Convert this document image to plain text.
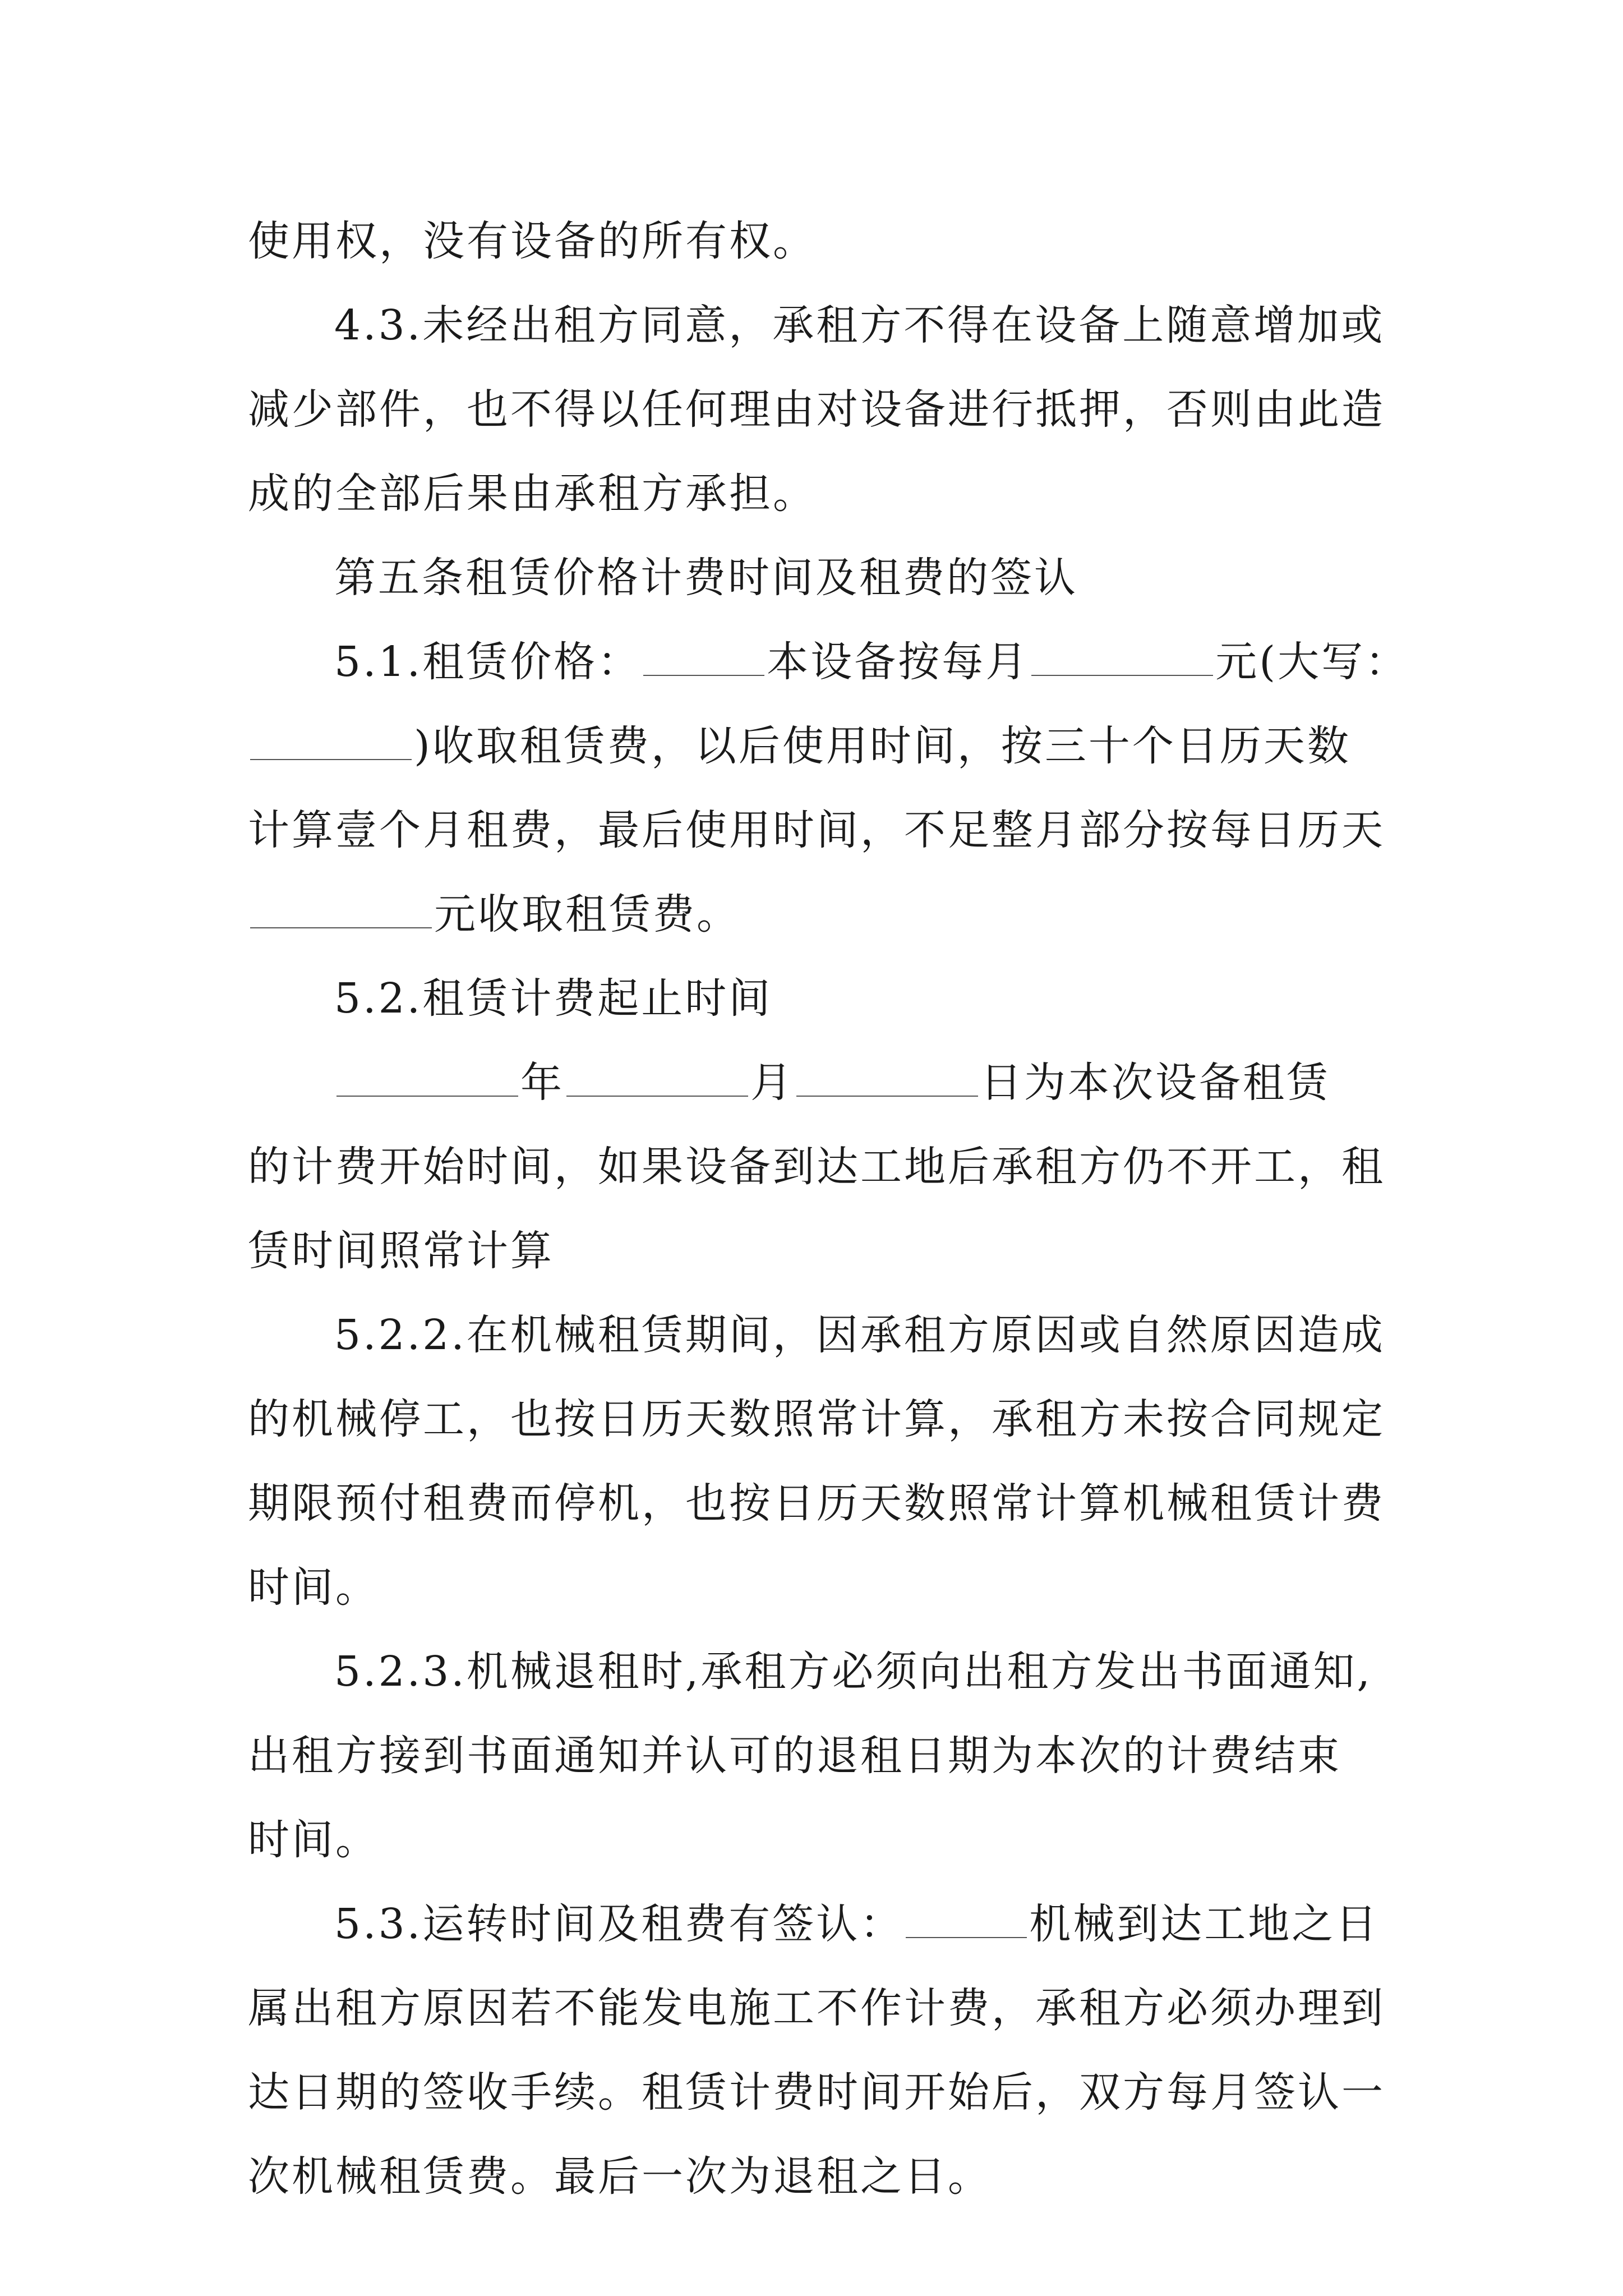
使用权，没有设备的所有权。
4.3.未经出租方同意，承租方不得在设备上随意增加或
减少部件，也不得以任何理由对设备进行抵押，否则由此造
成的全部后果由承租方承担。
第五条租赁价格计费时间及租费的签认
5.1.租赁价格：	本设备按每月	元(大写：
)收取租赁费，以后使用时间，按三十个日历天数
计算壹个月租费，最后使用时间，不足整月部分按每日历天
元收取租赁费。
5.2.租赁计费起止时间
年	月	日为本次设备租赁
的计费开始时间，如果设备到达工地后承租方仍不开工，租
赁时间照常计算
5.2.2.在机械租赁期间，因承租方原因或自然原因造成
的机械停工，也按日历天数照常计算，承租方未按合同规定
期限预付租费而停机，也按日历天数照常计算机械租赁计费
时间。
5.2.3.机械退租时,承租方必须向出租方发出书面通知,
出租方接到书面通知并认可的退租日期为本次的计费结束
时间。
5.3.运转时间及租费有签认：	机械到达工地之日
属出租方原因若不能发电施工不作计费，承租方必须办理到
达日期的签收手续。租赁计费时间开始后，双方每月签认一
次机械租赁费。最后一次为退租之日。
